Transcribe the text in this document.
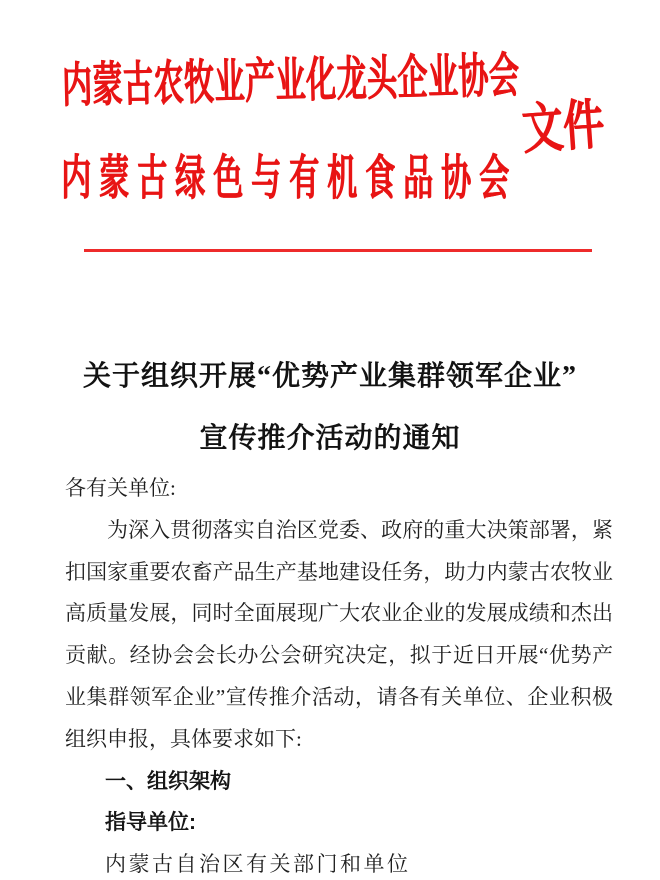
内蒙古农牧业产业化龙头企业协会
文件
内蒙古绿色与有机食品协会
关于组织开展“优势产业集群领军企业”
宣传推介活动的通知
各有关单位:
为深入贯彻落实自治区党委、政府的重大决策部署，紧扣国家重要农畜产品生产基地建设任务，助力内蒙古农牧业高质量发展，同时全面展现广大农业企业的发展成绩和杰出贡献。经协会会长办公会研究决定，拟于近日开展“优势产业集群领军企业”宣传推介活动，请各有关单位、企业积极组织申报，具体要求如下:
一、组织架构
指导单位:
内蒙古自治区有关部门和单位
